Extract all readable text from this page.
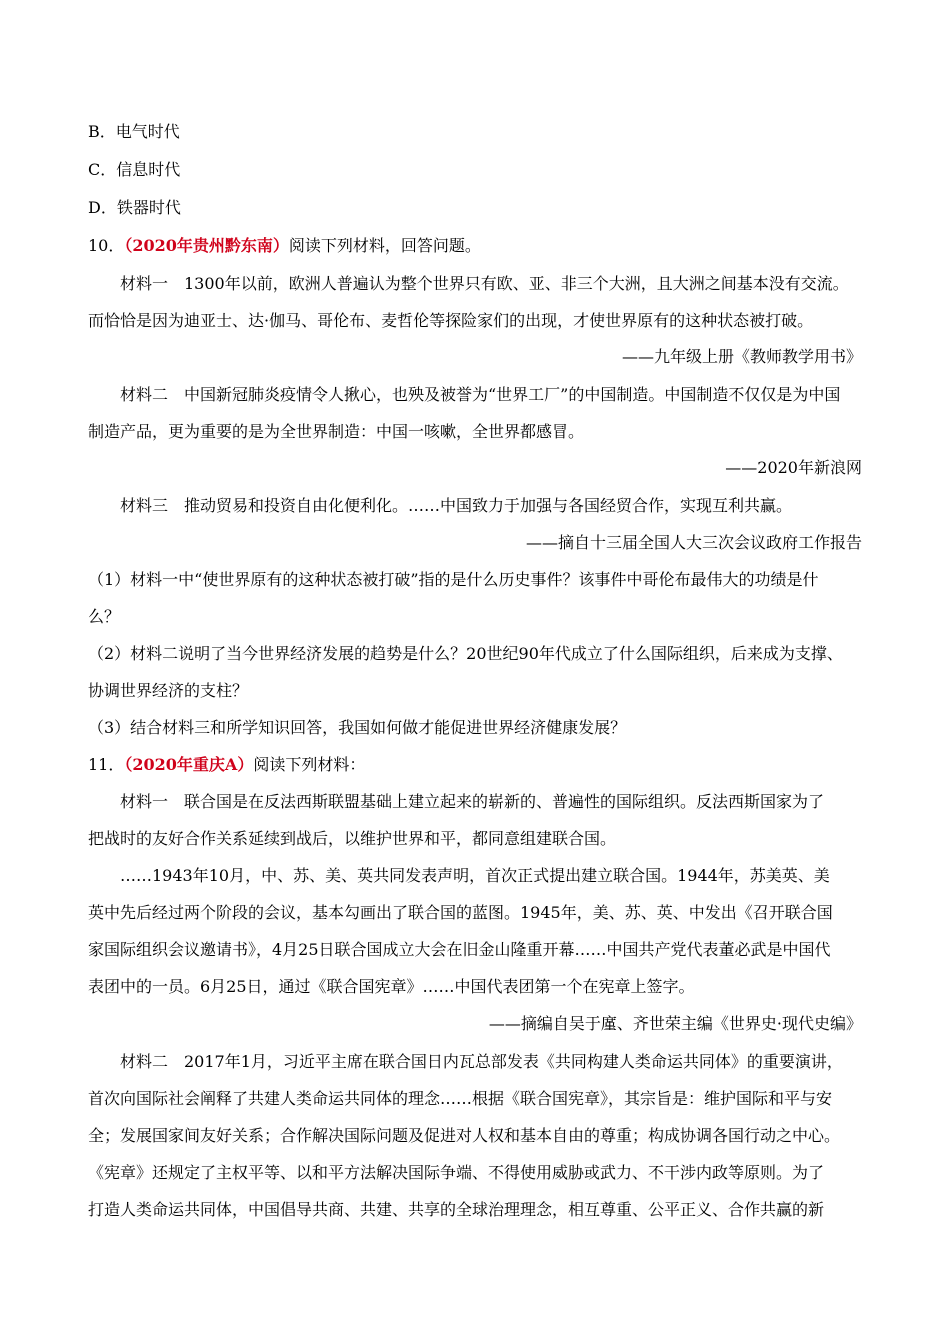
B．电气时代
C．信息时代
D．铁器时代
10．（2020年贵州黔东南）阅读下列材料，回答问题。
材料一　1300年以前，欧洲人普遍认为整个世界只有欧、亚、非三个大洲，且大洲之间基本没有交流。
而恰恰是因为迪亚士、达·伽马、哥伦布、麦哲伦等探险家们的出现，才使世界原有的这种状态被打破。
——九年级上册《教师教学用书》
材料二　中国新冠肺炎疫情令人揪心，也殃及被誉为“世界工厂”的中国制造。中国制造不仅仅是为中国
制造产品，更为重要的是为全世界制造：中国一咳嗽，全世界都感冒。
——2020年新浪网
材料三　推动贸易和投资自由化便利化。……中国致力于加强与各国经贸合作，实现互利共赢。
——摘自十三届全国人大三次会议政府工作报告
（1）材料一中“使世界原有的这种状态被打破”指的是什么历史事件？该事件中哥伦布最伟大的功绩是什
么？
（2）材料二说明了当今世界经济发展的趋势是什么？20世纪90年代成立了什么国际组织，后来成为支撑、
协调世界经济的支柱？
（3）结合材料三和所学知识回答，我国如何做才能促进世界经济健康发展？
11．（2020年重庆A）阅读下列材料：
材料一　联合国是在反法西斯联盟基础上建立起来的崭新的、普遍性的国际组织。反法西斯国家为了
把战时的友好合作关系延续到战后，以维护世界和平，都同意组建联合国。
……1943年10月，中、苏、美、英共同发表声明，首次正式提出建立联合国。1944年，苏美英、美
英中先后经过两个阶段的会议，基本勾画出了联合国的蓝图。1945年，美、苏、英、中发出《召开联合国
家国际组织会议邀请书》，4月25日联合国成立大会在旧金山隆重开幕……中国共产党代表董必武是中国代
表团中的一员。6月25日，通过《联合国宪章》……中国代表团第一个在宪章上签字。
——摘编自吴于廑、齐世荣主编《世界史·现代史编》
材料二　2017年1月，习近平主席在联合国日内瓦总部发表《共同构建人类命运共同体》的重要演讲，
首次向国际社会阐释了共建人类命运共同体的理念……根据《联合国宪章》，其宗旨是：维护国际和平与安
全；发展国家间友好关系；合作解决国际问题及促进对人权和基本自由的尊重；构成协调各国行动之中心。
《宪章》还规定了主权平等、以和平方法解决国际争端、不得使用威胁或武力、不干涉内政等原则。为了
打造人类命运共同体，中国倡导共商、共建、共享的全球治理理念，相互尊重、公平正义、合作共赢的新
